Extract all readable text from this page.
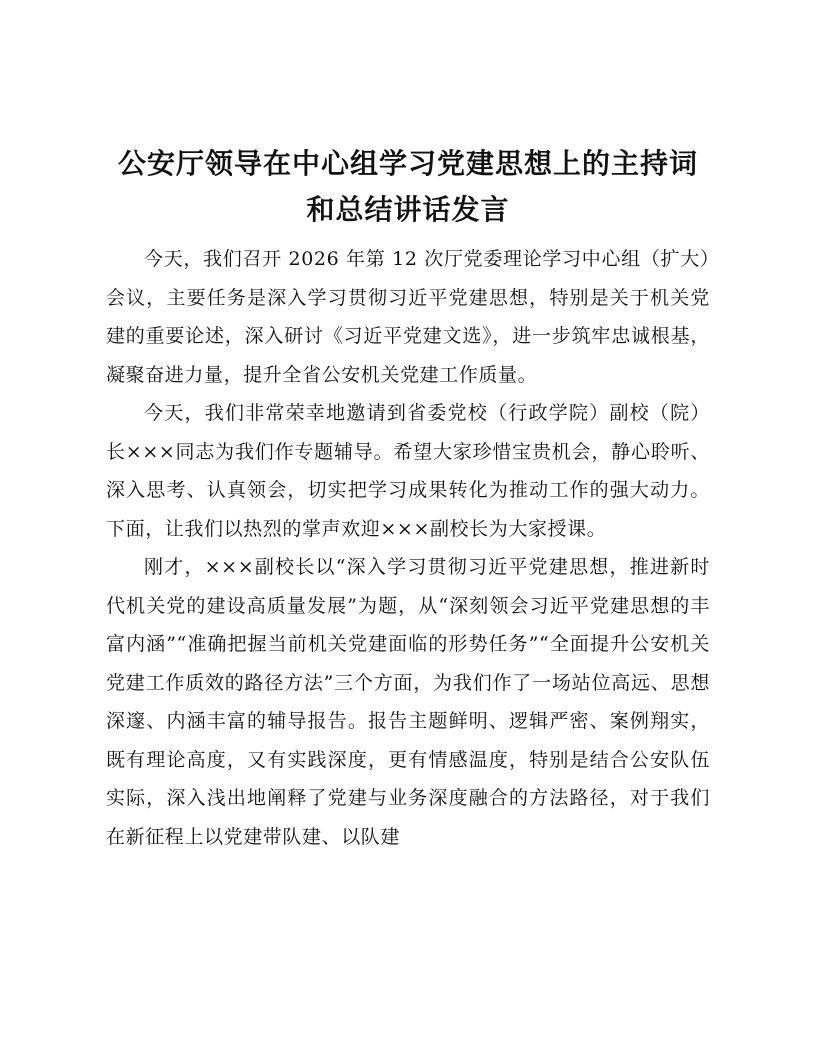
公安厅领导在中心组学习党建思想上的主持词
和总结讲话发言

今天，我们召开 2026 年第 12 次厅党委理论学习中心组（扩大）会议，主要任务是深入学习贯彻习近平党建思想，特别是关于机关党建的重要论述，深入研讨《习近平党建文选》，进一步筑牢忠诚根基，凝聚奋进力量，提升全省公安机关党建工作质量。

今天，我们非常荣幸地邀请到省委党校（行政学院）副校（院）长×××同志为我们作专题辅导。希望大家珍惜宝贵机会，静心聆听、深入思考、认真领会，切实把学习成果转化为推动工作的强大动力。下面，让我们以热烈的掌声欢迎×××副校长为大家授课。

刚才，×××副校长以“深入学习贯彻习近平党建思想，推进新时代机关党的建设高质量发展”为题，从“深刻领会习近平党建思想的丰富内涵”“准确把握当前机关党建面临的形势任务”“全面提升公安机关党建工作质效的路径方法”三个方面，为我们作了一场站位高远、思想深邃、内涵丰富的辅导报告。报告主题鲜明、逻辑严密、案例翔实，既有理论高度，又有实践深度，更有情感温度，特别是结合公安队伍实际，深入浅出地阐释了党建与业务深度融合的方法路径，对于我们在新征程上以党建带队建、以队建
